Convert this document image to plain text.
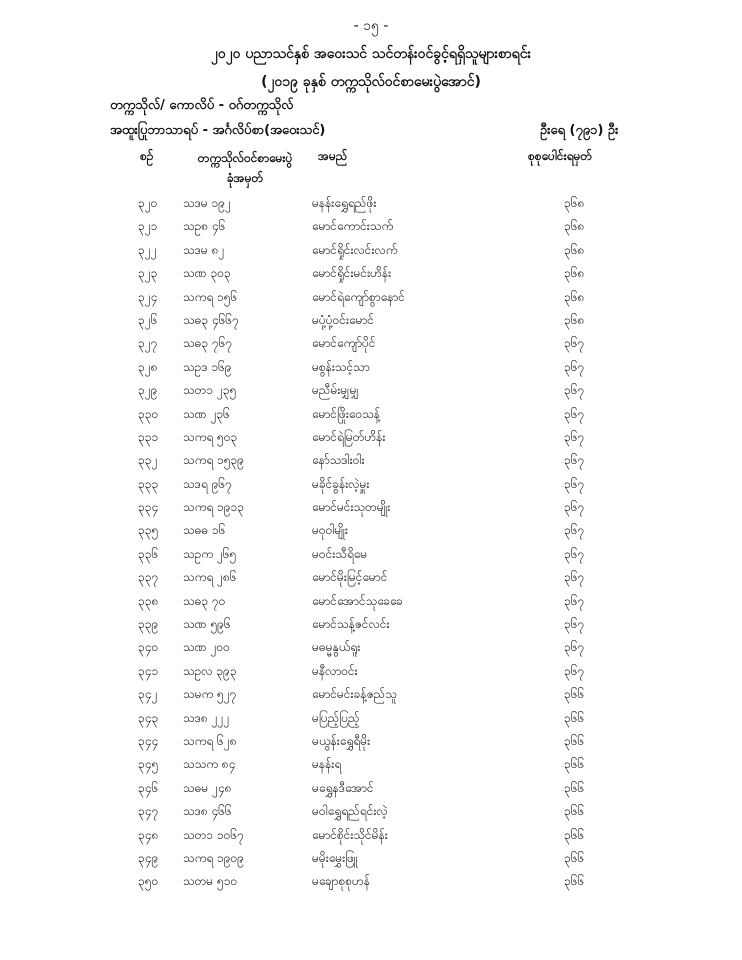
- ၁၅ -
၂၀၂၀ ပညာသင်နှစ် အဝေးသင် သင်တန်းဝင်ခွင့်ရရှိသူများစာရင်း
(၂၀၁၉ ခုနှစ် တက္ကသိုလ်ဝင်စာမေးပွဲအောင်)
တက္ကသိုလ်/ ကောလိပ် - ဝဂ်တက္ကသိုလ်
အထူးပြုဘာသာရပ် - အင်္ဂလိပ်စာ(အဝေးသင်)	ဦးရေ (၇၉၁) ဦး
စဉ်	တက္ကသိုလ်ဝင်စာမေးပွဲ
ခုံအမှတ်
အမည်	စုစုပေါင်းရမှတ်
၃၂၀ သဒမ ၁၉၂	မနန်းရွှေရည်ဖိုး	၃၆၈
၃၂၁ သဥ၈ ၄၆	မောင်ကောင်းသက်	၃၆၈
၃၂၂ သဒမ ၈၂	မောင်ရှိုင်းလင်းလက်	၃၆၈
၃၂၃ သဏ ၃၀၃	မောင်ရှိုင်းမင်းဟိန်း	၃၆၈
၃၂၄ သကရ ၁၅၆	မောင်ရဲကျော်စွာနောင်	၃၆၈
၃၂၆ သဓ၃ ၄၆၆၇	မပုံ့ပုံ့ဝင်းမောင်	၃၆၈
၃၂၇ သဓ၃ ၇၆၇	မောင်ကျော်ပိုင်	၃၆၇
၃၂၈ သဥဒ ၁၆၉	မစွန်းသင့်သာ	၃၆၇
၃၂၉ သတ၁ ၂၃၅	မညီမ်းမျှမျှ	၃၆၇
၃၃၀ သဏ ၂၃၆	မောင်ဖြိုးဝေသန့်	၃၆၇
၃၃၁ သကရ ၅၀၃	မောင်ရဲမြတ်ဟိန်း	၃၆၇
၃၃၂ သကရ ၁၅၃၉	နော်သဒါးဝါး	၃၆၇
၃၃၃ သဒရ ၉၆၇	မခိုင်ခွန်းလဲ့မှူး	၃၆၇
၃၃၄ သကရ ၁၉၁၃	မောင်မင်းသုတမျိုး	၃၆၇
၃၃၅ သဓဓ ၁၆	မဝုဝါမျိုး	၃၆၇
၃၃၆ သဥက ၂၆၅	မဝင်းသီရိမေ	၃၆၇
၃၃၇ သကရ ၂၈၆	မောင်မိုးမြင့်မောင်	၃၆၇
၃၃၈ သဓ၃ ၇၀	မောင်အောင်သုခေခေ	၃၆၇
၃၃၉ သဏ ၅၉၆	မောင်သန့်ဇင်လင်း	၃၆၇
၃၄၀ သဏ ၂၀၀	မဓမ္မနွယ်ရူး	၃၆၇
၃၄၁ သဥလ ၃၉၃	မနီလာဝင်း	၃၆၇
၃၄၂ သမက ၅၂၇	မောင်မင်းခန့်ဇည်သူ	၃၆၆
၃၄၃ သဒ၈ ၂၂၂	မပြည့်ပြည့်	၃၆၆
၃၄၄ သကရ ၆၂၈	မယွန်းရွှေရီမိုး	၃၆၆
၃၄၅ သသက ၈၄	မနန်းရ	၃၆၆
၃၄၆ သဓမ ၂၄၈	မရွှေနဒီအောင်	၃၆၆
၃၄၇ သဒ၈ ၄၆၆	မဝါရွှေရည်ရင်းလဲ့	၃၆၆
၃၄၈ သတ၁ ၁၀၆၇	မောင်စိုင်းသိုင်မိန်း	၃၆၆
၃၄၉ သကရ ၁၉၀၉	မမိုးမွှေးဖြူ	၃၆၆
၃၅၀ သတမ ၅၁၀	မချောစုစုဟန်	၃၆၆
